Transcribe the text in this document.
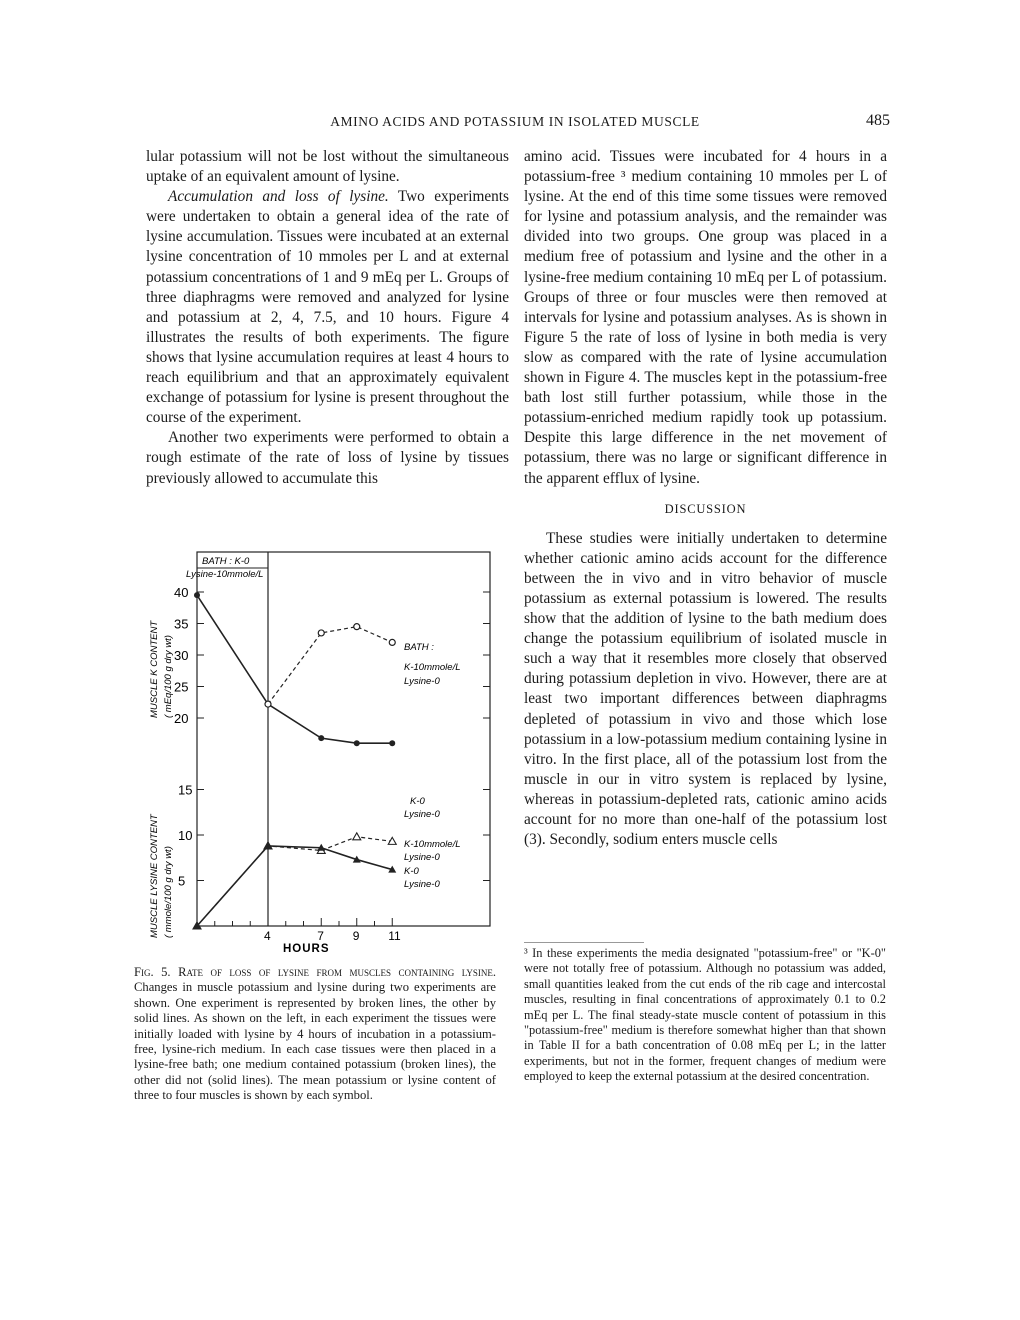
AMINO ACIDS AND POTASSIUM IN ISOLATED MUSCLE	485

lular potassium will not be lost without the simultaneous uptake of an equivalent amount of lysine.

Accumulation and loss of lysine. Two experiments were undertaken to obtain a general idea of the rate of lysine accumulation. Tissues were incubated at an external lysine concentration of 10 mmoles per L and at external potassium concentrations of 1 and 9 mEq per L. Groups of three diaphragms were removed and analyzed for lysine and potassium at 2, 4, 7.5, and 10 hours. Figure 4 illustrates the results of both experiments. The figure shows that lysine accumulation requires at least 4 hours to reach equilibrium and that an approximately equivalent exchange of potassium for lysine is present throughout the course of the experiment.

Another two experiments were performed to obtain a rough estimate of the rate of loss of lysine by tissues previously allowed to accumulate this

amino acid. Tissues were incubated for 4 hours in a potassium-free ³ medium containing 10 mmoles per L of lysine. At the end of this time some tissues were removed for lysine and potassium analysis, and the remainder was divided into two groups. One group was placed in a medium free of potassium and lysine and the other in a lysine-free medium containing 10 mEq per L of potassium. Groups of three or four muscles were then removed at intervals for lysine and potassium analyses. As is shown in Figure 5 the rate of loss of lysine in both media is very slow as compared with the rate of lysine accumulation shown in Figure 4. The muscles kept in the potassium-free bath lost still further potassium, while those in the potassium-enriched medium rapidly took up potassium. Despite this large difference in the net movement of potassium, there was no large or significant difference in the apparent efflux of lysine.

DISCUSSION

These studies were initially undertaken to determine whether cationic amino acids account for the difference between the in vivo and in vitro behavior of muscle potassium as external potassium is lowered. The results show that the addition of lysine to the bath medium does change the potassium equilibrium of isolated muscle in such a way that it resembles more closely that observed during potassium depletion in vivo. However, there are at least two important differences between diaphragms depleted of potassium in vivo and those which lose potassium in a low-potassium medium containing lysine in vitro. In the first place, all of the potassium lost from the muscle in our in vitro system is replaced by lysine, whereas in potassium-depleted rats, cationic amino acids account for no more than one-half of the potassium lost (3). Secondly, sodium enters muscle cells

4	7 9 11
40
35
30
25
20
15
10
5
BATH : K-0
Lysine-10mmole/L
BATH :
K-10mmole/L
Lysine-0
K-0
Lysine-0
K-10mmole/L
Lysine-0
K-0
Lysine-0
HOURS
MUSCLE K CONTENT ( mEq/100 g dry wt)
MUSCLE LYSINE CONTENT ( mmole/100 g dry wt)
Fig. 5. Rate of loss of lysine from muscles containing lysine. Changes in muscle potassium and lysine during two experiments are shown. One experiment is represented by broken lines, the other by solid lines. As shown on the left, in each experiment the tissues were initially loaded with lysine by 4 hours of incubation in a potassium-free, lysine-rich medium. In each case tissues were then placed in a lysine-free bath; one medium contained potassium (broken lines), the other did not (solid lines). The mean potassium or lysine content of three to four muscles is shown by each symbol.
³ In these experiments the media designated "potassium-free" or "K-0" were not totally free of potassium. Although no potassium was added, small quantities leaked from the cut ends of the rib cage and intercostal muscles, resulting in final concentrations of approximately 0.1 to 0.2 mEq per L. The final steady-state muscle content of potassium in this "potassium-free" medium is therefore somewhat higher than that shown in Table II for a bath concentration of 0.08 mEq per L; in the latter experiments, but not in the former, frequent changes of medium were employed to keep the external potassium at the desired concentration.
